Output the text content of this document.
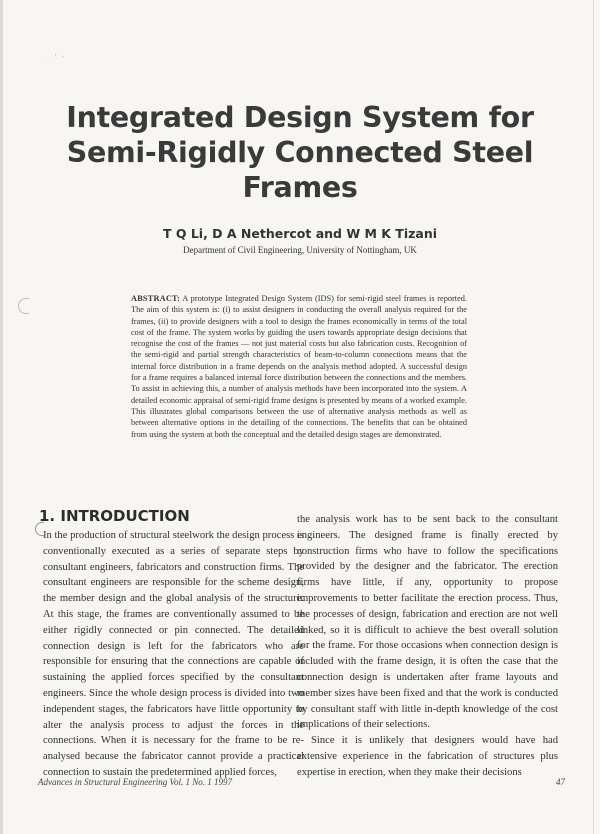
·'·
Integrated Design System for Semi-Rigidly Connected Steel Frames
T Q Li, D A Nethercot and W M K Tizani
Department of Civil Engineering, University of Nottingham, UK
ABSTRACT: A prototype Integrated Design System (IDS) for semi-rigid steel frames is reported. The aim of this system is: (i) to assist designers in conducting the overall analysis required for the frames, (ii) to provide designers with a tool to design the frames economically in terms of the total cost of the frame. The system works by guiding the users towards appropriate design decisions that recognise the cost of the frames — not just material costs but also fabrication costs. Recognition of the semi-rigid and partial strength characteristics of beam-to-column connections means that the internal force distribution in a frame depends on the analysis method adopted. A successful design for a frame requires a balanced internal force distribution between the connections and the members. To assist in achieving this, a number of analysis methods have been incorporated into the system. A detailed economic appraisal of semi-rigid frame designs is presented by means of a worked example. This illustrates global comparisons between the use of alternative analysis methods as well as between alternative options in the detailing of the connections. The benefits that can be obtained from using the system at both the conceptual and the detailed design stages are demonstrated.
1. INTRODUCTION

In the production of structural steelwork the design process is conventionally executed as a series of separate steps by consultant engineers, fabricators and construction firms. The consultant engineers are responsible for the scheme design, the member design and the global analysis of the structure. At this stage, the frames are conventionally assumed to be either rigidly connected or pin connected. The detailed connection design is left for the fabricators who are responsible for ensuring that the connections are capable of sustaining the applied forces specified by the consultant engineers. Since the whole design process is divided into two independent stages, the fabricators have little opportunity to alter the analysis process to adjust the forces in the connections. When it is necessary for the frame to be re-analysed because the fabricator cannot provide a practical connection to sustain the predetermined applied forces,

the analysis work has to be sent back to the consultant engineers. The designed frame is finally erected by construction firms who have to follow the specifications provided by the designer and the fabricator. The erection firms have little, if any, opportunity to propose improvements to better facilitate the erection process. Thus, the processes of design, fabrication and erection are not well linked, so it is difficult to achieve the best overall solution for the frame. For those occasions when connection design is included with the frame design, it is often the case that the connection design is undertaken after frame layouts and member sizes have been fixed and that the work is conducted by consultant staff with little in-depth knowledge of the cost implications of their selections.

Since it is unlikely that designers would have had extensive experience in the fabrication of structures plus expertise in erection, when they make their decisions

Advances in Structural Engineering Vol. 1 No. 1 1997	47
